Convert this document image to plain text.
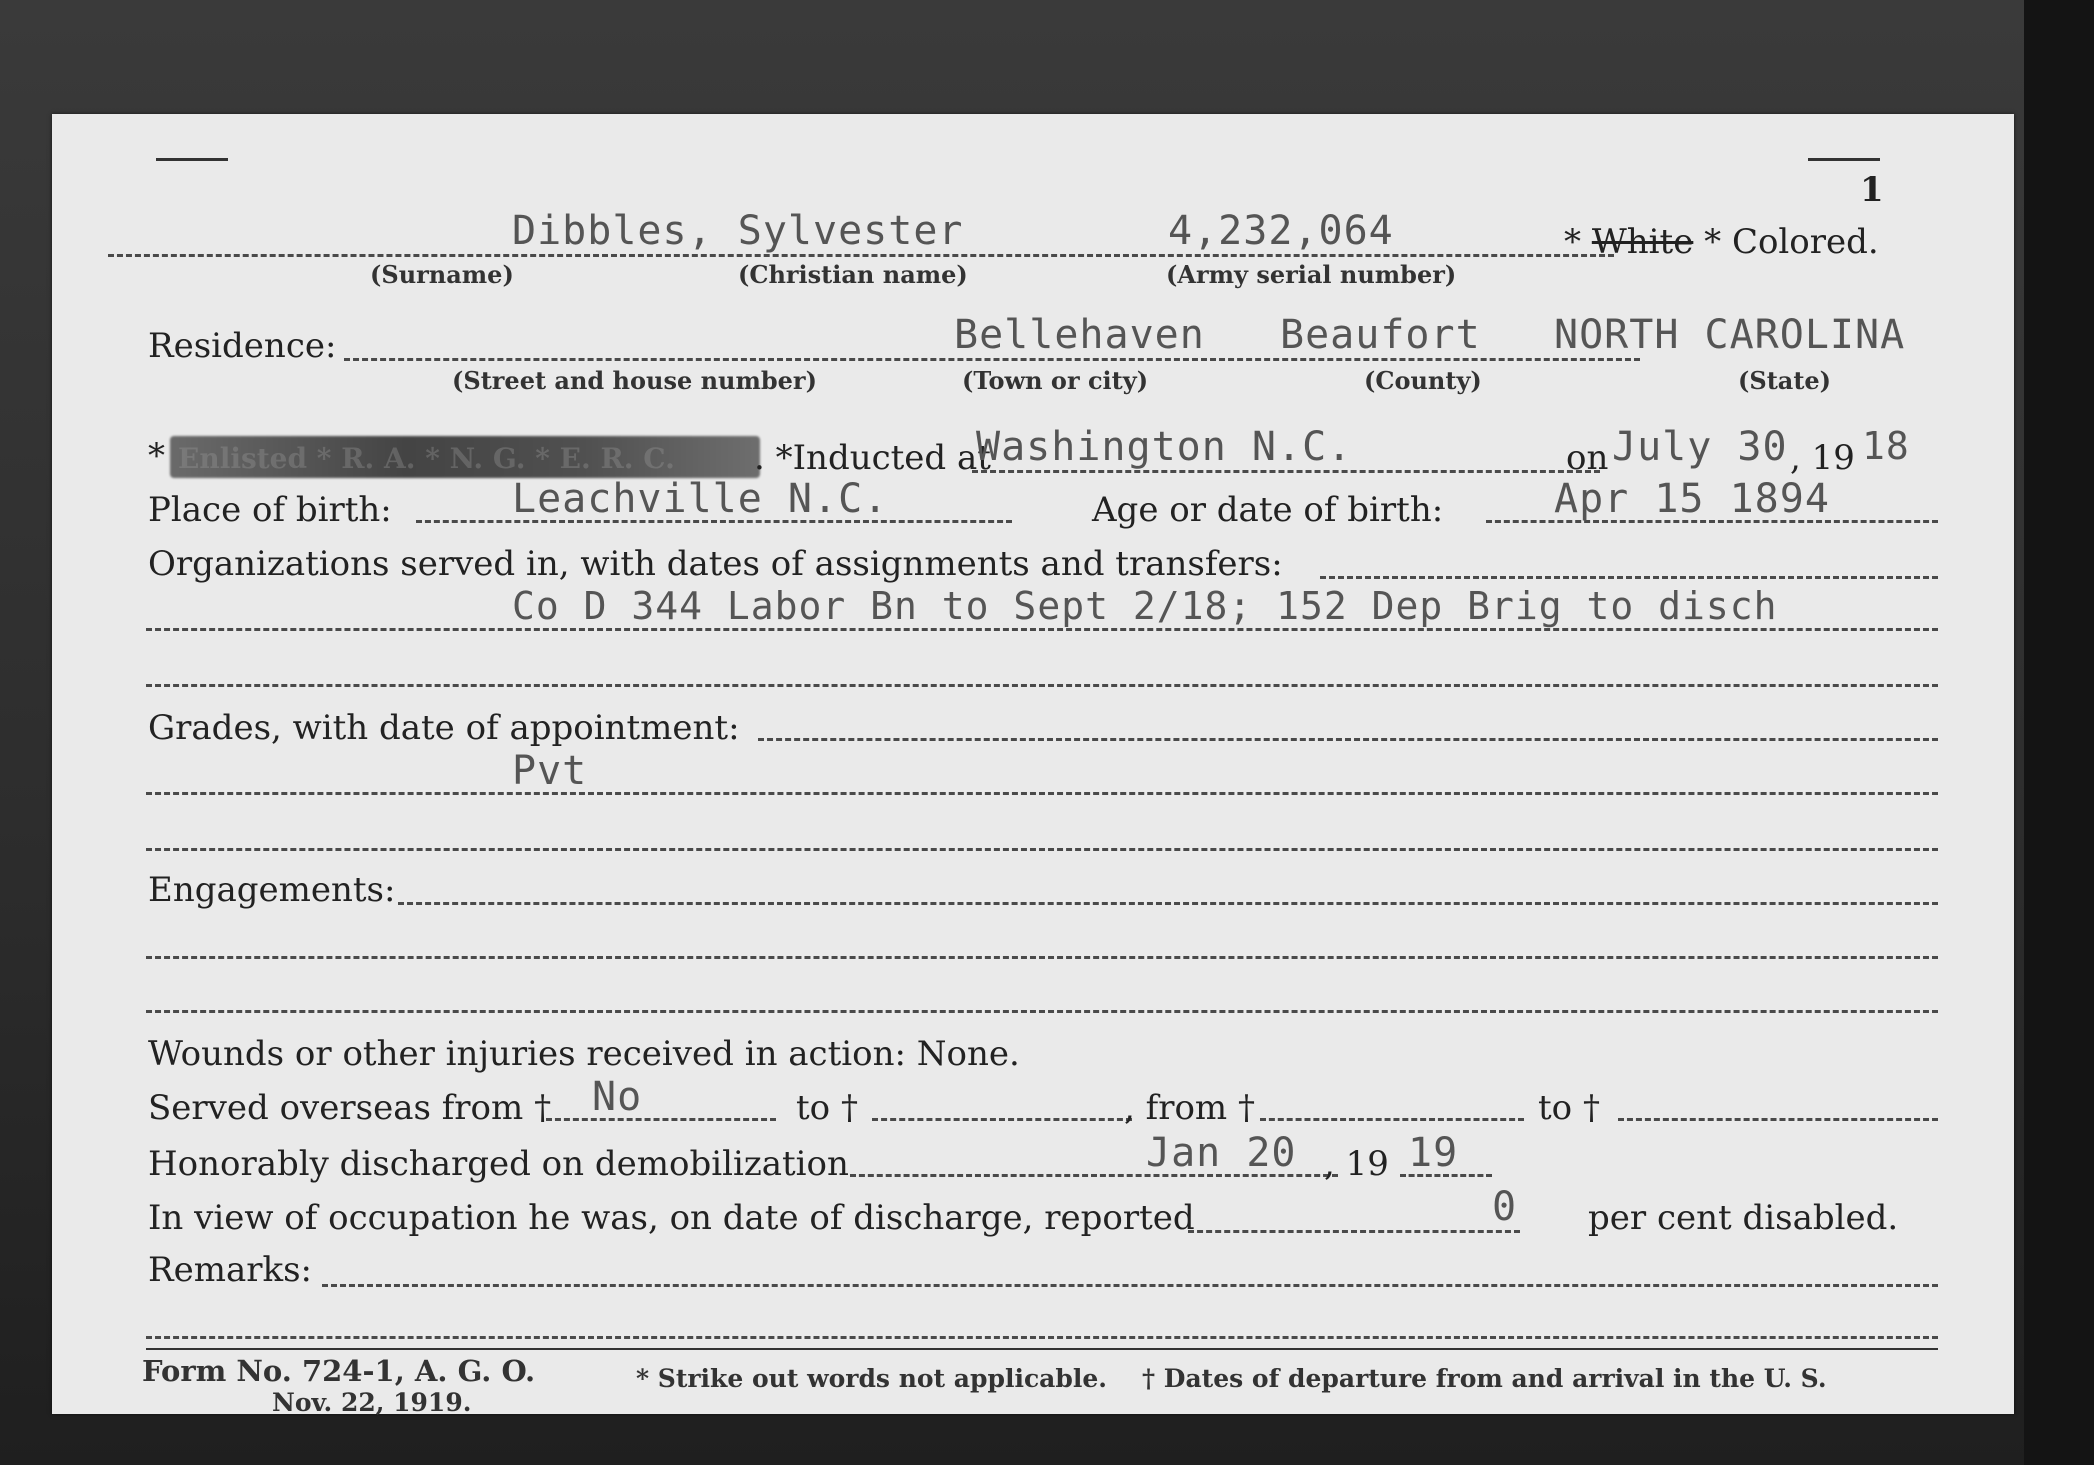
1
Dibbles, Sylvester	4,232,064	* White * Colored.
(Surname)	(Christian name)	(Army serial number)
Residence:	Bellehaven Beaufort NORTH CAROLINA
(Street and house number)	(Town or city)	(County)	(State)
* Enlisted * R. A. * N. G. * E. R. C. . *Inducted at
Washington N.C.	on July 30 , 19 18
Place of birth:	Leachville N.C.	Age or date of birth:	Apr 15 1894
Organizations served in, with dates of assignments and transfers:
Co D 344 Labor Bn to Sept 2/18; 152 Dep Brig to disch
Grades, with date of appointment:
Pvt
Engagements:
Wounds or other injuries received in action: None.
Served overseas from † No	to †	, from †	to †
Honorably discharged on demobilization	Jan 20 , 19 19
In view of occupation he was, on date of discharge, reported	0 per cent disabled.
Remarks:
Form No. 724-1, A. G. O.
Nov. 22, 1919.
* Strike out words not applicable. † Dates of departure from and arrival in the U. S.
